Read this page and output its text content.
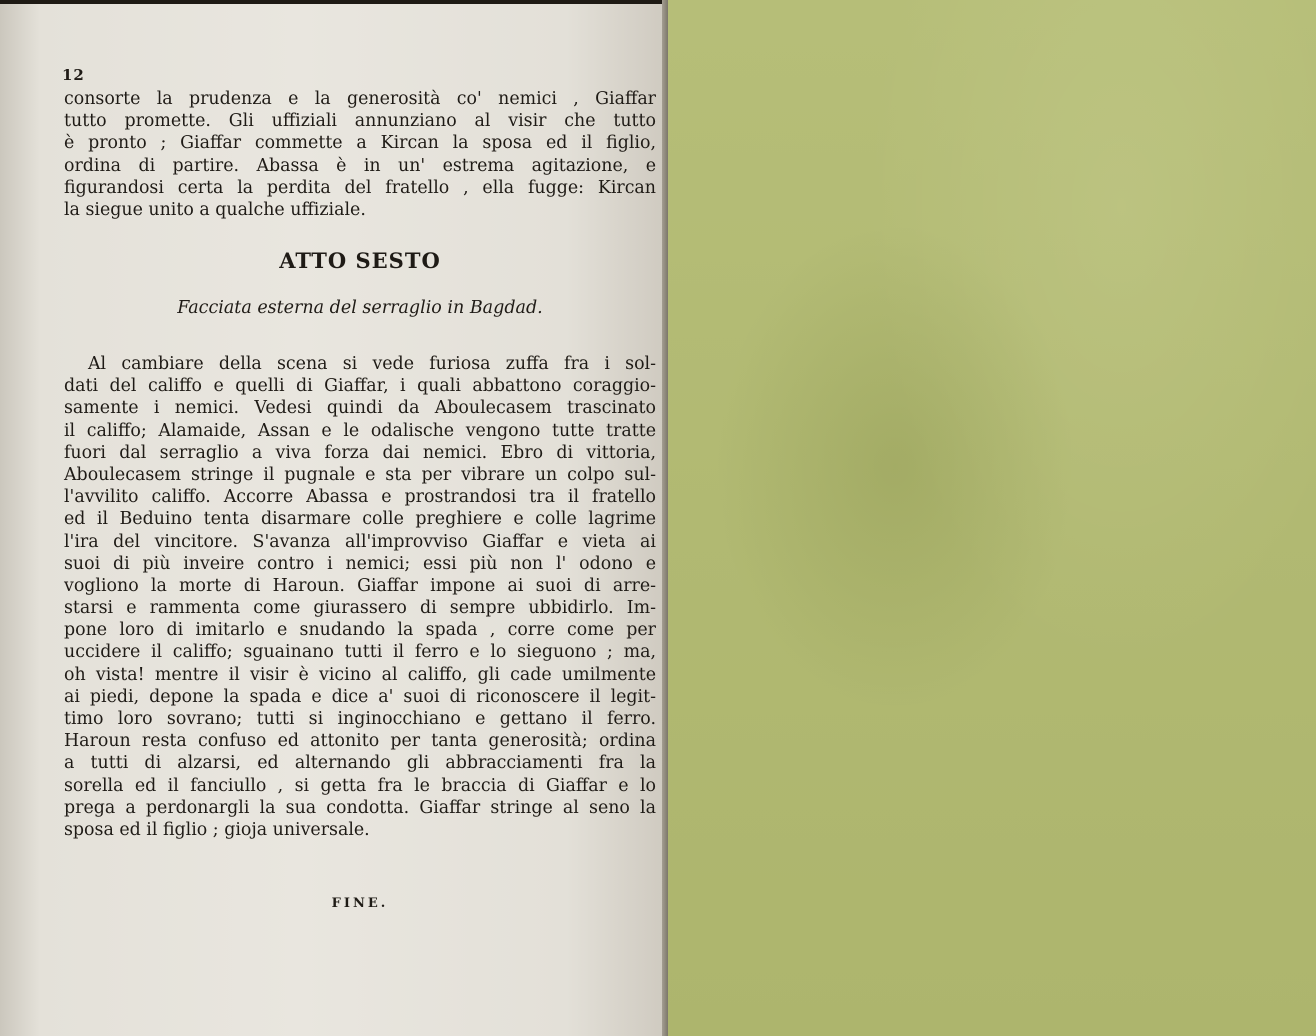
12
consorte la prudenza e la generosità co' nemici , Giaffar
tutto promette. Gli uffiziali annunziano al visir che tutto
è pronto ; Giaffar commette a Kircan la sposa ed il figlio,
ordina di partire. Abassa è in un' estrema agitazione, e
figurandosi certa la perdita del fratello , ella fugge: Kircan
la siegue unito a qualche uffiziale.
ATTO SESTO
Facciata esterna del serraglio in Bagdad.
Al cambiare della scena si vede furiosa zuffa fra i sol-
dati del califfo e quelli di Giaffar, i quali abbattono coraggio-
samente i nemici. Vedesi quindi da Aboulecasem trascinato
il califfo; Alamaide, Assan e le odalische vengono tutte tratte
fuori dal serraglio a viva forza dai nemici. Ebro di vittoria,
Aboulecasem stringe il pugnale e sta per vibrare un colpo sul-
l'avvilito califfo. Accorre Abassa e prostrandosi tra il fratello
ed il Beduino tenta disarmare colle preghiere e colle lagrime
l'ira del vincitore. S'avanza all'improvviso Giaffar e vieta ai
suoi di più inveire contro i nemici; essi più non l' odono e
vogliono la morte di Haroun. Giaffar impone ai suoi di arre-
starsi e rammenta come giurassero di sempre ubbidirlo. Im-
pone loro di imitarlo e snudando la spada , corre come per
uccidere il califfo; sguainano tutti il ferro e lo sieguono ; ma,
oh vista! mentre il visir è vicino al califfo, gli cade umilmente
ai piedi, depone la spada e dice a' suoi di riconoscere il legit-
timo loro sovrano; tutti si inginocchiano e gettano il ferro.
Haroun resta confuso ed attonito per tanta generosità; ordina
a tutti di alzarsi, ed alternando gli abbracciamenti fra la
sorella ed il fanciullo , si getta fra le braccia di Giaffar e lo
prega a perdonargli la sua condotta. Giaffar stringe al seno la
sposa ed il figlio ; gioja universale.
FINE.
